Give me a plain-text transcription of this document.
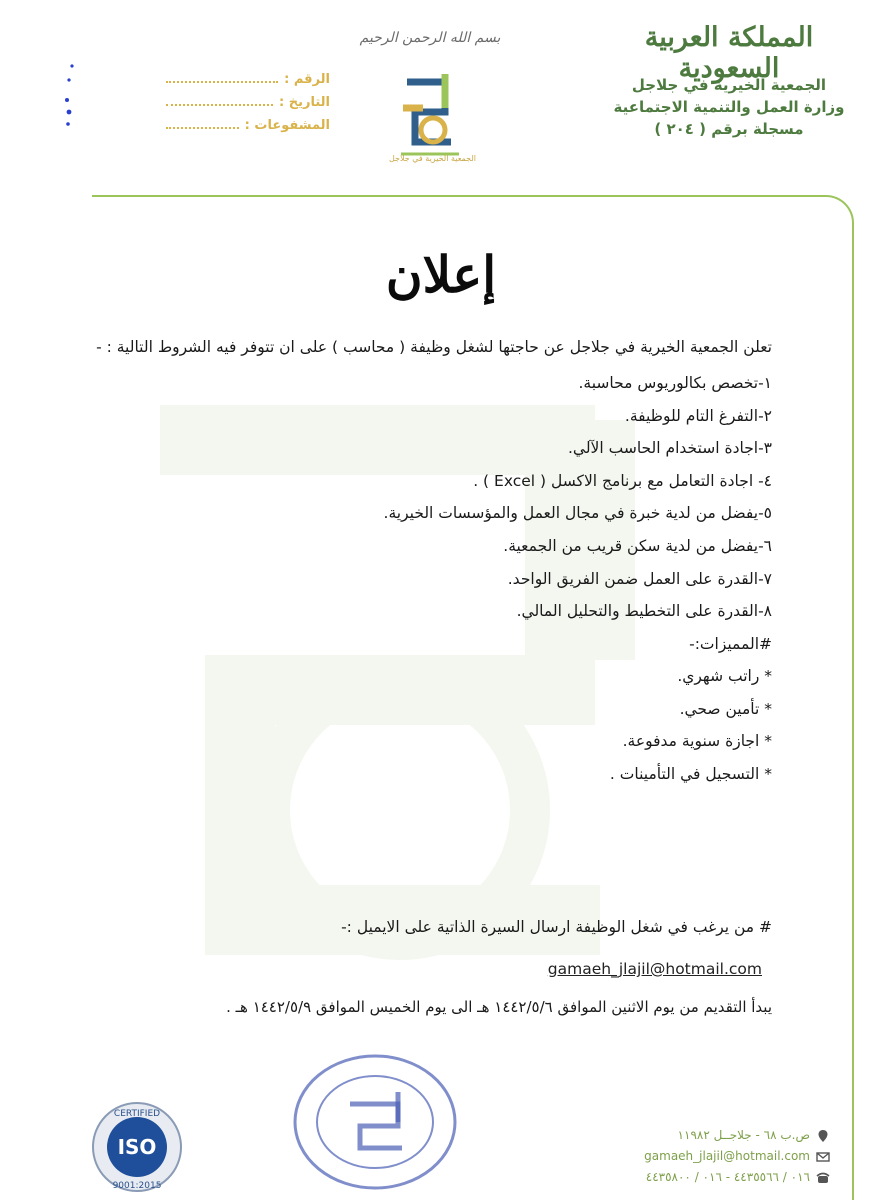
المملكة العربية السعودية
الجمعية الخيرية في جلاجل
وزارة العمل والتنمية الاجتماعية
مسجلة برقم ( ٢٠٤ )
بسم الله الرحمن الرحيم
الجمعية الخيرية في جلاجل
الرقم :
التاريخ :
المشفوعات :
إعلان

تعلن الجمعية الخيرية في جلاجل عن حاجتها لشغل وظيفة ( محاسب ) على ان تتوفر فيه الشروط التالية : -

١-تخصص بكالوريوس محاسبة.
٢-التفرغ التام للوظيفة.
٣-اجادة استخدام الحاسب الآلي.
٤- اجادة التعامل مع برنامج الاكسل ( Excel ) .
٥-يفضل من لدية خبرة في مجال العمل والمؤسسات الخيرية.
٦-يفضل من لدية سكن قريب من الجمعية.
٧-القدرة على العمل ضمن الفريق الواحد.
٨-القدرة على التخطيط والتحليل المالي.
#المميزات:-
* راتب شهري.
* تأمين صحي.
* اجازة سنوية مدفوعة.
* التسجيل في التأمينات .
# من يرغب في شغل الوظيفة ارسال السيرة الذاتية على الايميل :-
gamaeh_jlajil@hotmail.com
يبدأ التقديم من يوم الاثنين الموافق ١٤٤٢/٥/٦ هـ الى يوم الخميس الموافق ١٤٤٢/٥/٩ هـ .
CERTIFIED
ISO
9001:2015
ص.ب ٦٨ - جلاجــل ١١٩٨٢
gamaeh_jlajil@hotmail.com
٠١٦ / ٤٤٣٥٥٦٦ - ٠١٦ / ٤٤٣٥٨٠٠
